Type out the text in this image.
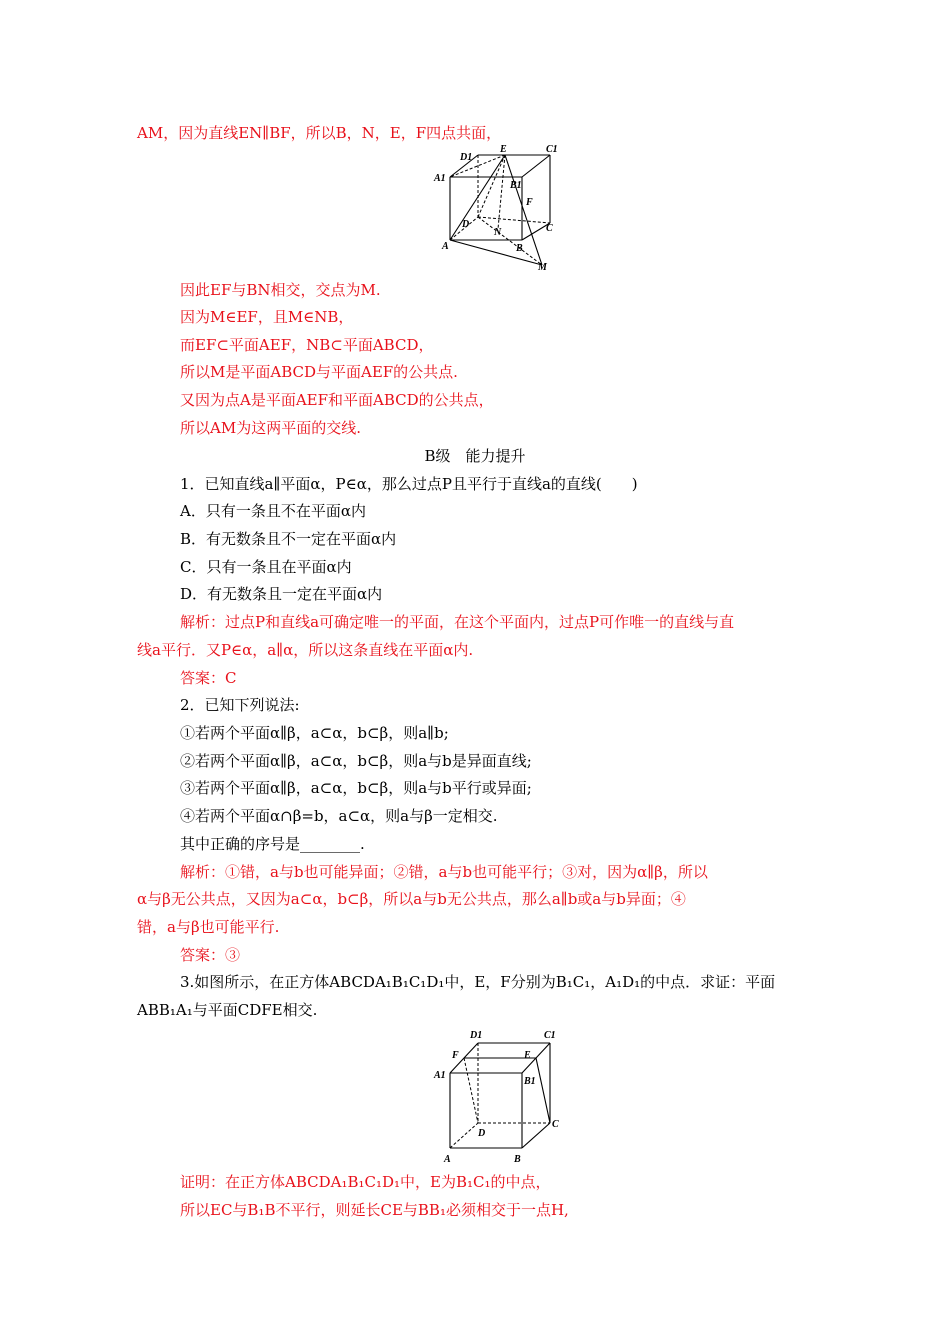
AM，因为直线EN∥BF，所以B，N，E，F四点共面，
D1
E	C1
A1
B1
F
D
N	C
A	B
M
因此EF与BN相交，交点为M.
因为M∈EF，且M∈NB，
而EF⊂平面AEF，NB⊂平面ABCD，
所以M是平面ABCD与平面AEF的公共点.
又因为点A是平面AEF和平面ABCD的公共点，
所以AM为这两平面的交线.
B级　能力提升
1．已知直线a∥平面α，P∈α，那么过点P且平行于直线a的直线(　　)
A．只有一条且不在平面α内
B．有无数条且不一定在平面α内
C．只有一条且在平面α内
D．有无数条且一定在平面α内
解析：过点P和直线a可确定唯一的平面，在这个平面内，过点P可作唯一的直线与直
线a平行．又P∈α，a∥α，所以这条直线在平面α内.
答案：C
2．已知下列说法:
①若两个平面α∥β，a⊂α，b⊂β，则a∥b;
②若两个平面α∥β，a⊂α，b⊂β，则a与b是异面直线;
③若两个平面α∥β，a⊂α，b⊂β，则a与b平行或异面;
④若两个平面α∩β=b，a⊂α，则a与β一定相交.
其中正确的序号是________.
解析：①错，a与b也可能异面；②错，a与b也可能平行；③对，因为α∥β，所以
α与β无公共点，又因为a⊂α，b⊂β，所以a与b无公共点，那么a∥b或a与b异面；④
错，a与β也可能平行.
答案：③
3.如图所示，在正方体ABCDA₁B₁C₁D₁中，E，F分别为B₁C₁，A₁D₁的中点．求证：平面
ABB₁A₁与平面CDFE相交.
D1	C1
F	E
A1
B1
C
D
A	B
证明：在正方体ABCDA₁B₁C₁D₁中，E为B₁C₁的中点，
所以EC与B₁B不平行，则延长CE与BB₁必须相交于一点H,
